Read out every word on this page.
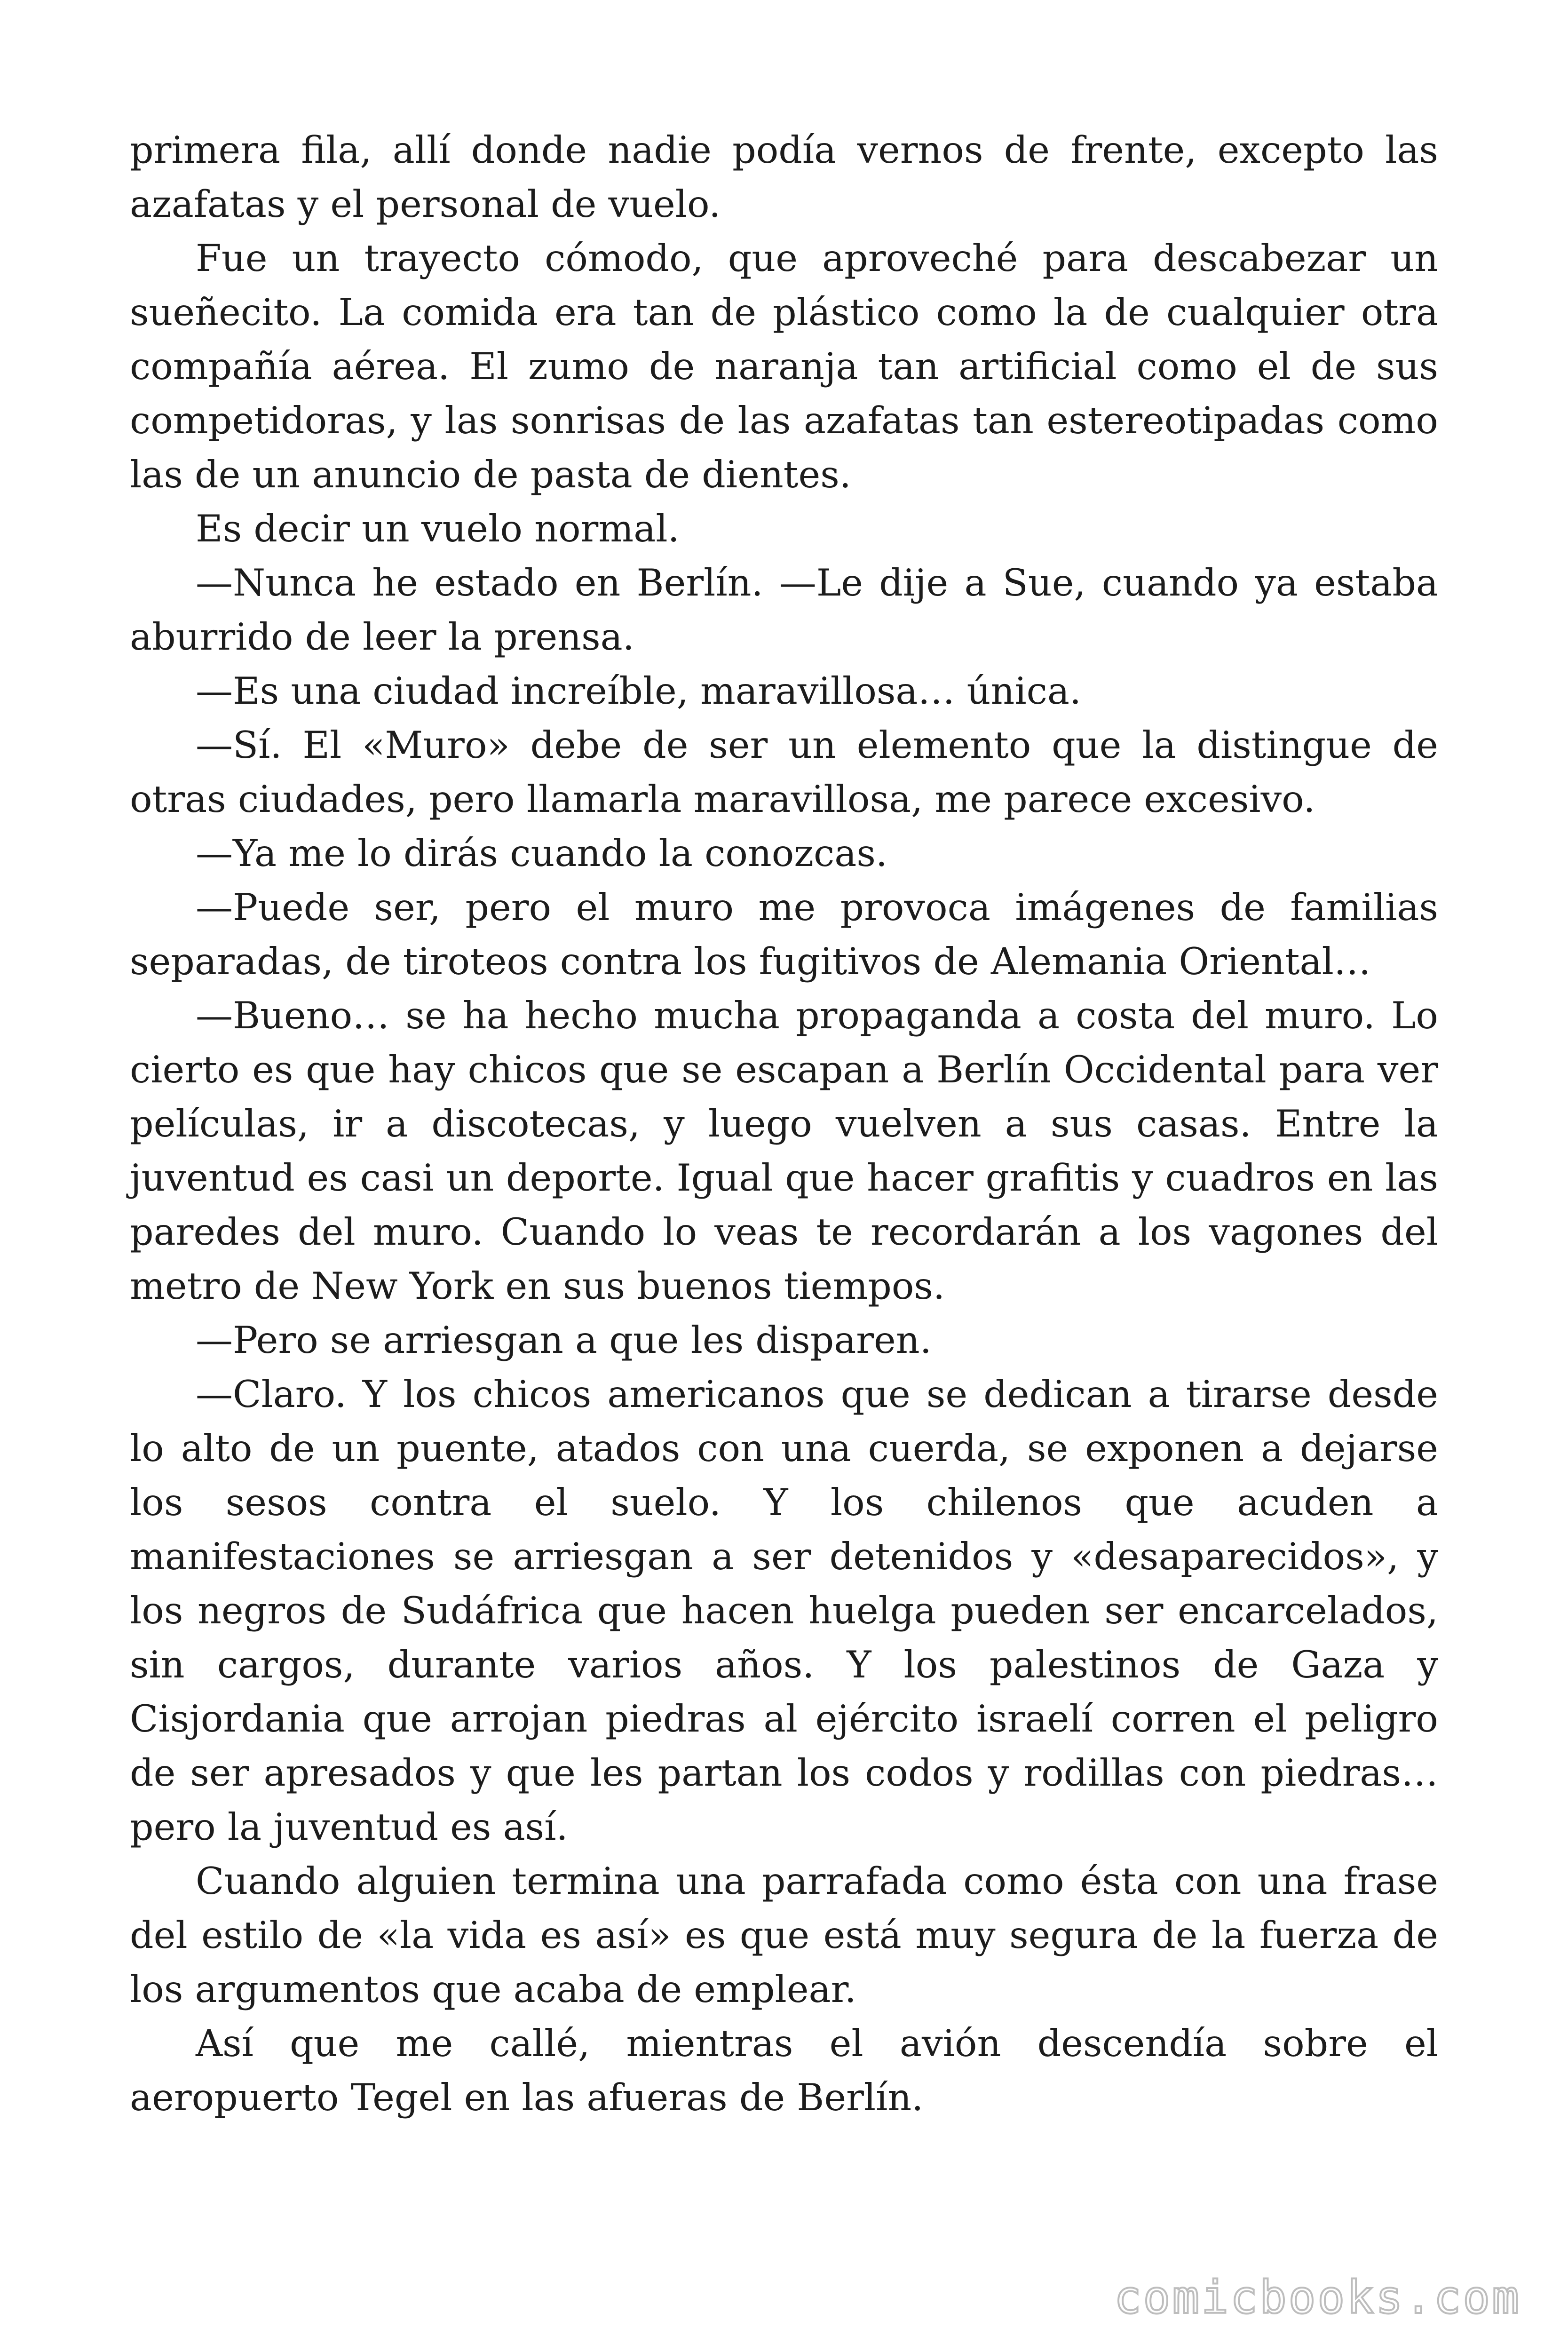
primera fila, allí donde nadie podía vernos de frente, excepto las azafatas y el personal de vuelo.

Fue un trayecto cómodo, que aproveché para descabezar un sueñecito. La comida era tan de plástico como la de cualquier otra compañía aérea. El zumo de naranja tan artificial como el de sus competidoras, y las sonrisas de las azafatas tan estereotipadas como las de un anuncio de pasta de dientes.

Es decir un vuelo normal.

—Nunca he estado en Berlín. —Le dije a Sue, cuando ya estaba aburrido de leer la prensa.

—Es una ciudad increíble, maravillosa… única.

—Sí. El «Muro» debe de ser un elemento que la distingue de otras ciudades, pero llamarla maravillosa, me parece excesivo.

—Ya me lo dirás cuando la conozcas.

—Puede ser, pero el muro me provoca imágenes de familias separadas, de tiroteos contra los fugitivos de Alemania Oriental…

—Bueno… se ha hecho mucha propaganda a costa del muro. Lo cierto es que hay chicos que se escapan a Berlín Occidental para ver películas, ir a discotecas, y luego vuelven a sus casas. Entre la juventud es casi un deporte. Igual que hacer grafitis y cuadros en las paredes del muro. Cuando lo veas te recordarán a los vagones del metro de New York en sus buenos tiempos.

—Pero se arriesgan a que les disparen.

—Claro. Y los chicos americanos que se dedican a tirarse desde lo alto de un puente, atados con una cuerda, se exponen a dejarse los sesos contra el suelo. Y los chilenos que acuden a manifestaciones se arriesgan a ser detenidos y «desaparecidos», y los negros de Sudáfrica que hacen huelga pueden ser encarcelados, sin cargos, durante varios años. Y los palestinos de Gaza y Cisjordania que arrojan piedras al ejército israelí corren el peligro de ser apresados y que les partan los codos y rodillas con piedras… pero la juventud es así.

Cuando alguien termina una parrafada como ésta con una frase del estilo de «la vida es así» es que está muy segura de la fuerza de los argumentos que acaba de emplear.

Así que me callé, mientras el avión descendía sobre el aeropuerto Tegel en las afueras de Berlín.

comicbooks.com
